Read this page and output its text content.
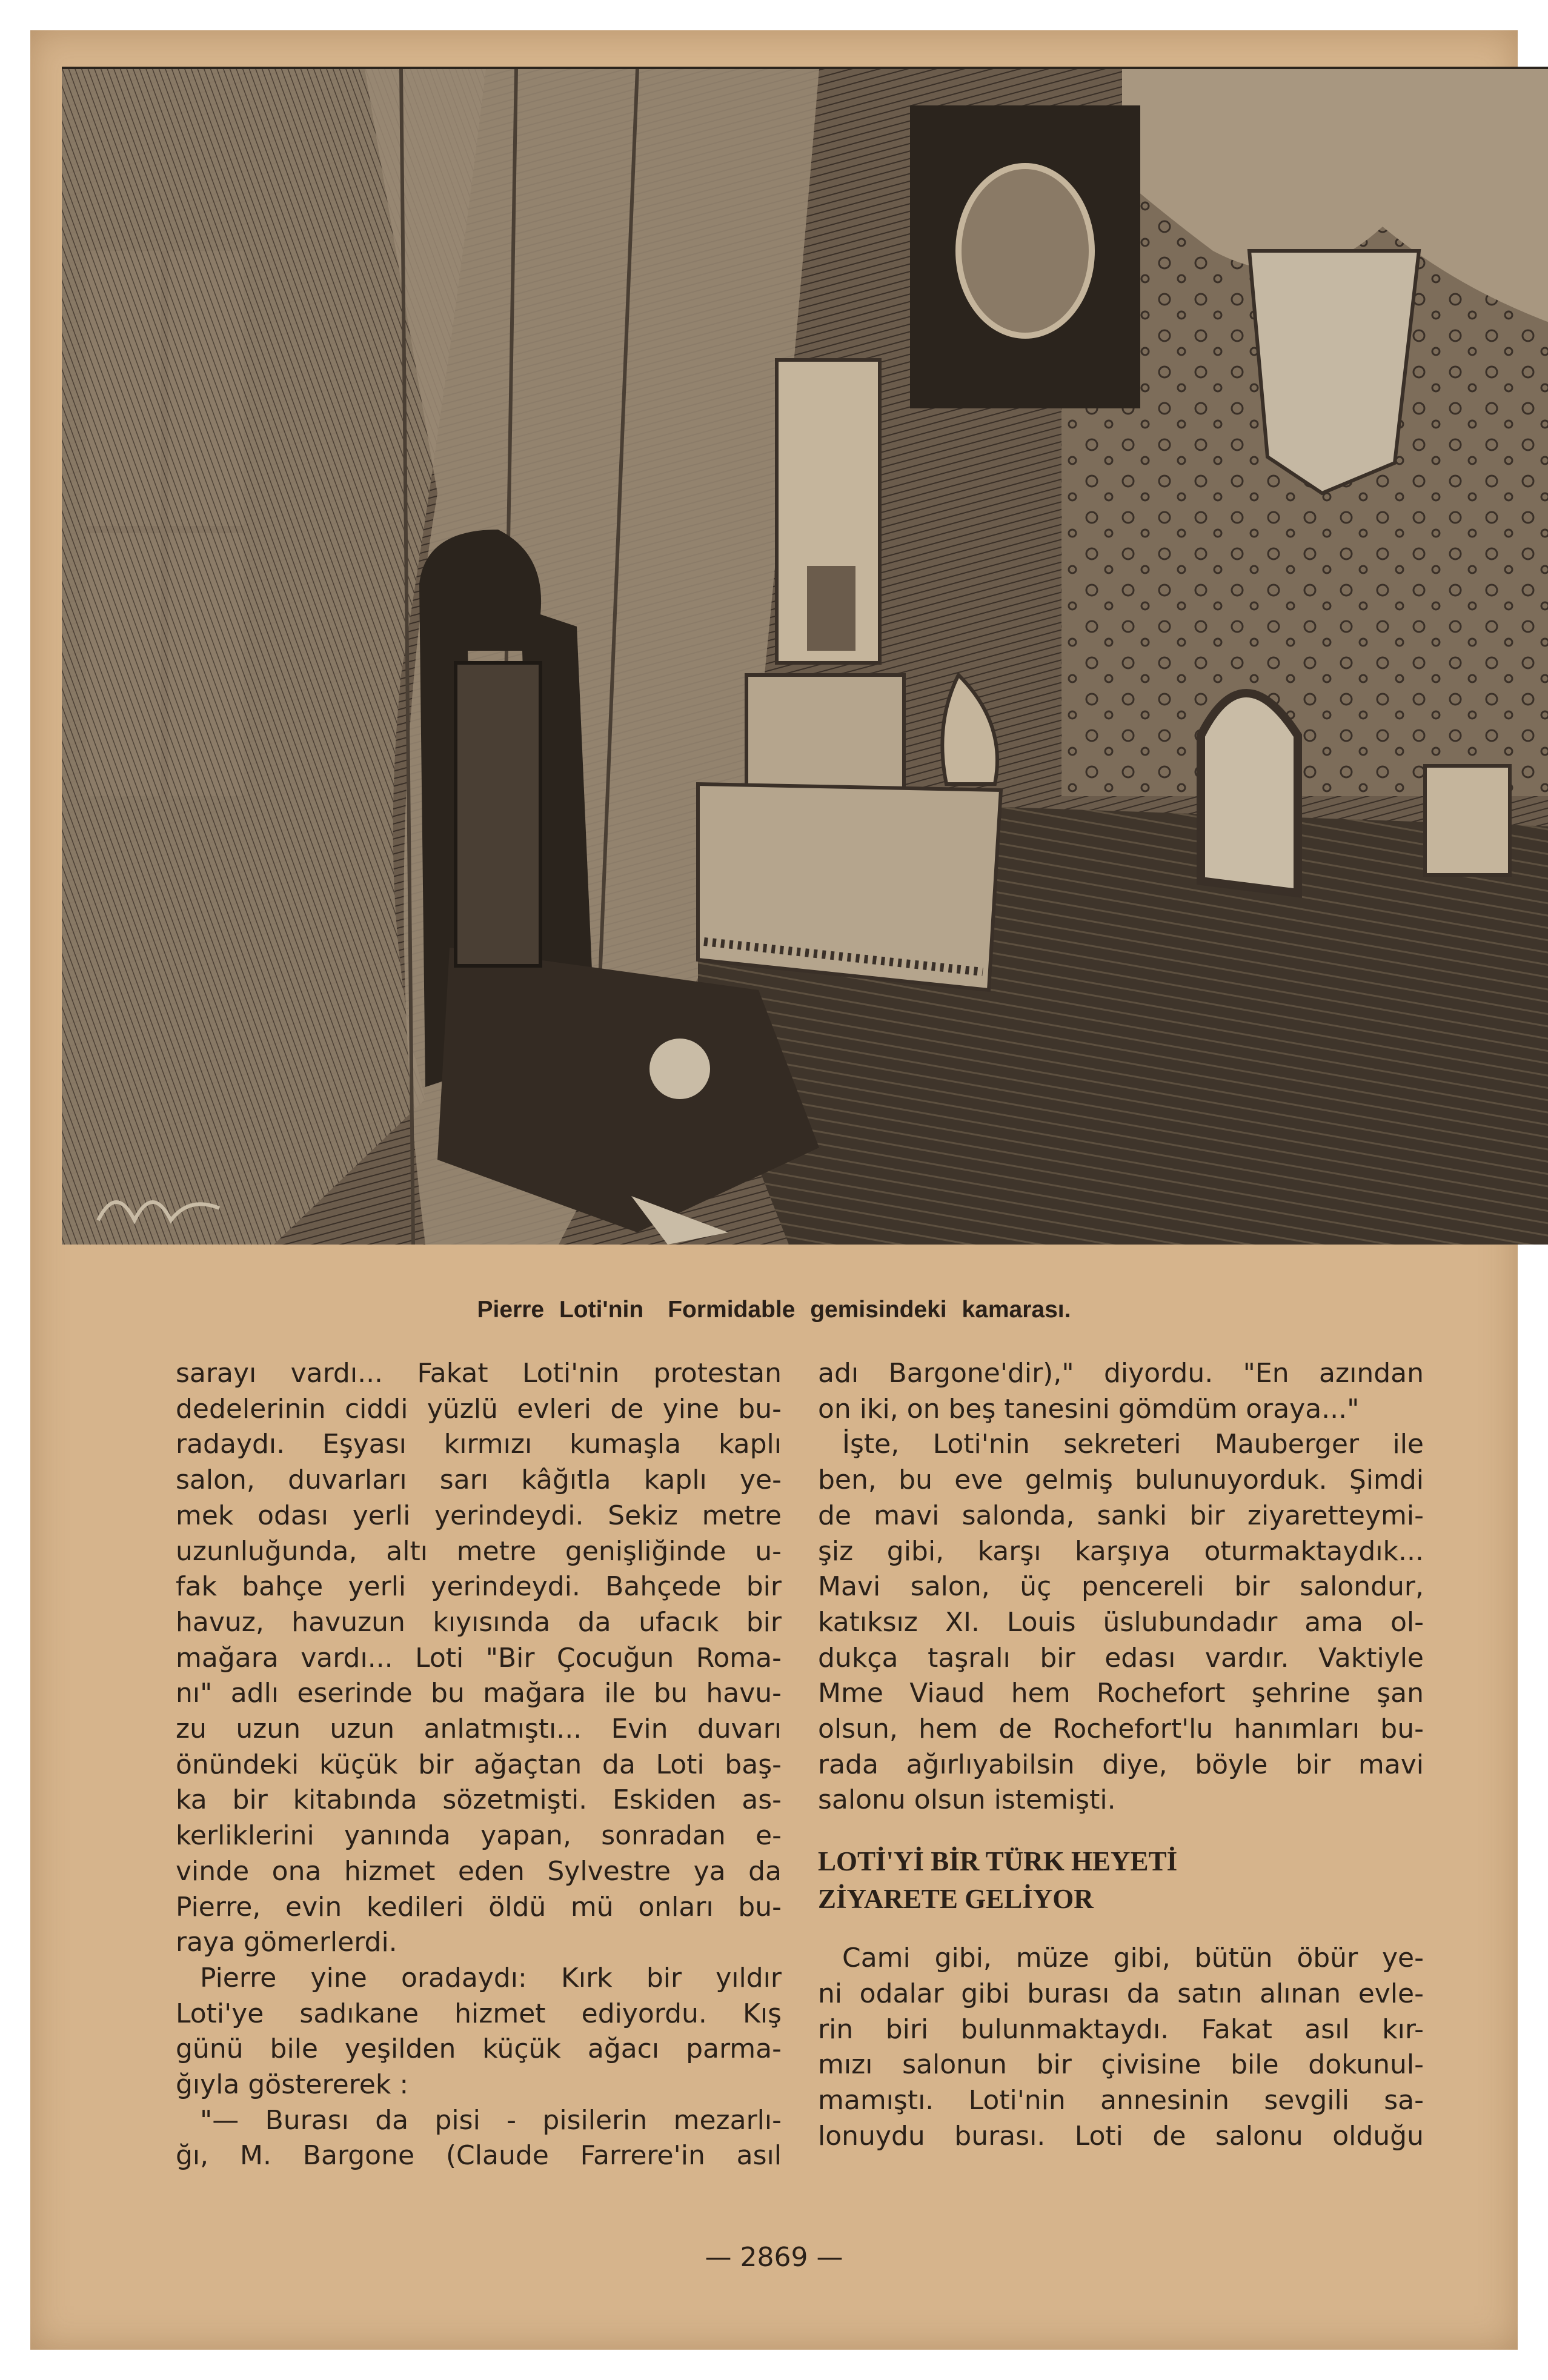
Pierre Loti'nin Formidable gemisindeki kamarası.
sarayı vardı... Fakat Loti'nin protestan
dedelerinin ciddi yüzlü evleri de yine bu-
radaydı. Eşyası kırmızı kumaşla kaplı
salon, duvarları sarı kâğıtla kaplı ye-
mek odası yerli yerindeydi. Sekiz metre
uzunluğunda, altı metre genişliğinde u-
fak bahçe yerli yerindeydi. Bahçede bir
havuz, havuzun kıyısında da ufacık bir
mağara vardı... Loti "Bir Çocuğun Roma-
nı" adlı eserinde bu mağara ile bu havu-
zu uzun uzun anlatmıştı... Evin duvarı
önündeki küçük bir ağaçtan da Loti baş-
ka bir kitabında sözetmişti. Eskiden as-
kerliklerini yanında yapan, sonradan e-
vinde ona hizmet eden Sylvestre ya da
Pierre, evin kedileri öldü mü onları bu-
raya gömerlerdi.
Pierre yine oradaydı: Kırk bir yıldır
Loti'ye sadıkane hizmet ediyordu. Kış
günü bile yeşilden küçük ağacı parma-
ğıyla göstererek :
"— Burası da pisi - pisilerin mezarlı-
ğı, M. Bargone (Claude Farrere'in asıl
adı Bargone'dir)," diyordu. "En azından
on iki, on beş tanesini gömdüm oraya..."
İşte, Loti'nin sekreteri Mauberger ile
ben, bu eve gelmiş bulunuyorduk. Şimdi
de mavi salonda, sanki bir ziyaretteymi-
şiz gibi, karşı karşıya oturmaktaydık...
Mavi salon, üç pencereli bir salondur,
katıksız XI. Louis üslubundadır ama ol-
dukça taşralı bir edası vardır. Vaktiyle
Mme Viaud hem Rochefort şehrine şan
olsun, hem de Rochefort'lu hanımları bu-
rada ağırlıyabilsin diye, böyle bir mavi
salonu olsun istemişti.
LOTİ'Yİ BİR TÜRK HEYETİ
ZİYARETE GELİYOR
Cami gibi, müze gibi, bütün öbür ye-
ni odalar gibi burası da satın alınan evle-
rin biri bulunmaktaydı. Fakat asıl kır-
mızı salonun bir çivisine bile dokunul-
mamıştı. Loti'nin annesinin sevgili sa-
lonuydu burası. Loti de salonu olduğu
— 2869 —
